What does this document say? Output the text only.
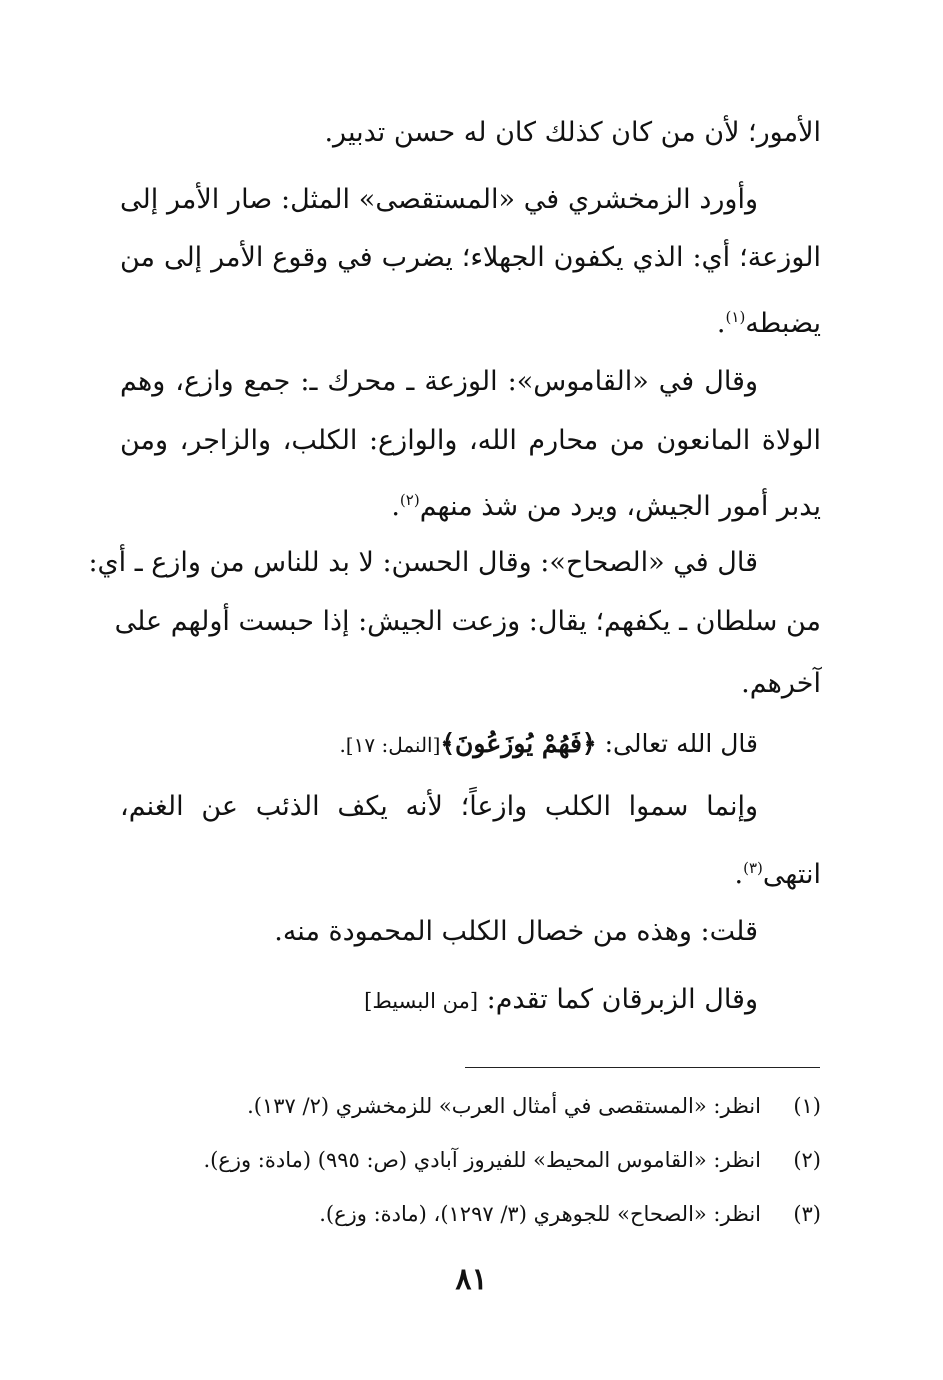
الأمور؛ لأن من كان كذلك كان له حسن تدبير.
وأورد الزمخشري في «المستقصى» المثل: صار الأمر إلى
الوزعة؛ أي: الذي يكفون الجهلاء؛ يضرب في وقوع الأمر إلى من
يضبطه$^{(١)}$.
وقال في «القاموس»: الوزعة ـ محرك ـ: جمع وازع، وهم
الولاة المانعون من محارم الله، والوازع: الكلب، والزاجر، ومن
يدبر أمور الجيش، ويرد من شذ منهم$^{(٢)}$.
قال في «الصحاح»: وقال الحسن: لا بد للناس من وازع ـ أي:
من سلطان ـ يكفهم؛ يقال: وزعت الجيش: إذا حبست أولهم على
آخرهم.
قال الله تعالى: ﴿فَهُمْ يُوزَعُونَ﴾[النمل: ١٧].
وإنما سموا الكلب وازعاً؛ لأنه يكف الذئب عن الغنم،
انتهى$^{(٣)}$.
قلت: وهذه من خصال الكلب المحمودة منه.
وقال الزبرقان كما تقدم: [من البسيط]
(١)انظر: «المستقصى في أمثال العرب» للزمخشري (٢/ ١٣٧).
(٢)انظر: «القاموس المحيط» للفيروز آبادي (ص: ٩٩٥) (مادة: وزع).
(٣)انظر: «الصحاح» للجوهري (٣/ ١٢٩٧)، (مادة: وزع).
٨١
